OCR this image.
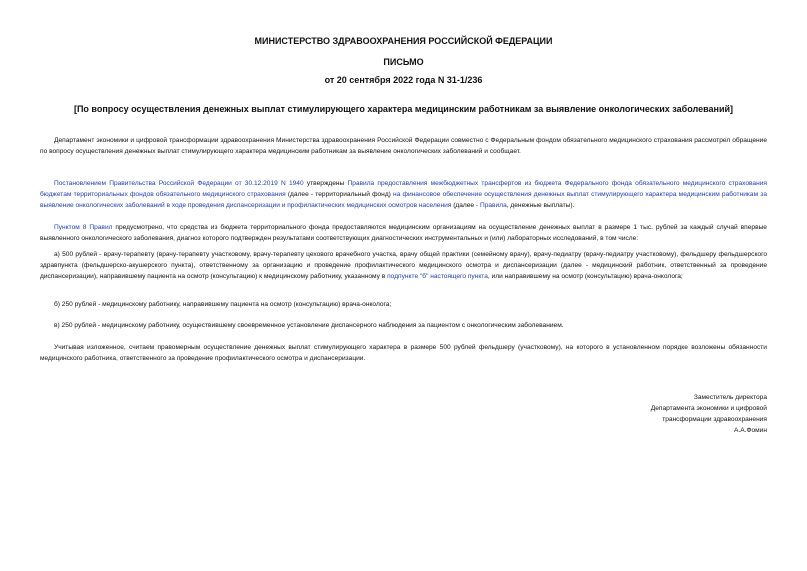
МИНИСТЕРСТВО ЗДРАВООХРАНЕНИЯ РОССИЙСКОЙ ФЕДЕРАЦИИ
ПИСЬМО
от 20 сентября 2022 года N 31-1/236
[По вопросу осуществления денежных выплат стимулирующего характера медицинским работникам за выявление онкологических заболеваний]

Департамент экономики и цифровой трансформации здравоохранения Министерства здравоохранения Российской Федерации совместно с Федеральным фондом обязательного медицинского страхования рассмотрел обращение по вопросу осуществления денежных выплат стимулирующего характера медицинским работникам за выявление онкологических заболеваний и сообщает.

Постановлением Правительства Российской Федерации от 30.12.2019 N 1940 утверждены Правила предоставления межбюджетных трансфертов из бюджета Федерального фонда обязательного медицинского страхования бюджетам территориальных фондов обязательного медицинского страхования (далее - территориальный фонд) на финансовое обеспечение осуществления денежных выплат стимулирующего характера медицинским работникам за выявление онкологических заболеваний в ходе проведения диспансеризации и профилактических медицинских осмотров населения (далее - Правила, денежные выплаты).

Пунктом 8 Правил предусмотрено, что средства из бюджета территориального фонда предоставляются медицинским организациям на осуществление денежных выплат в размере 1 тыс. рублей за каждый случай впервые выявленного онкологического заболевания, диагноз которого подтвержден результатами соответствующих диагностических инструментальных и (или) лабораторных исследований, в том числе:

а) 500 рублей - врачу-терапевту (врачу-терапевту участковому, врачу-терапевту цехового врачебного участка, врачу общей практики (семейному врачу), врачу-педиатру (врачу-педиатру участковому), фельдшеру фельдшерского здравпункта (фельдшерско-акушерского пункта), ответственному за организацию и проведение профилактического медицинского осмотра и диспансеризации (далее - медицинский работник, ответственный за проведение диспансеризации), направившему пациента на осмотр (консультацию) к медицинскому работнику, указанному в подпункте "б" настоящего пункта, или направившему на осмотр (консультацию) врача-онколога;

б) 250 рублей - медицинскому работнику, направившему пациента на осмотр (консультацию) врача-онколога;

в) 250 рублей - медицинскому работнику, осуществившему своевременное установление диспансерного наблюдения за пациентом с онкологическим заболеванием.

Учитывая изложенное, считаем правомерным осуществление денежных выплат стимулирующего характера в размере 500 рублей фельдшеру (участковому), на которого в установленном порядке возложены обязанности медицинского работника, ответственного за проведение профилактического осмотра и диспансеризации.

Заместитель директора
Департамента экономики и цифровой
трансформации здравоохранения
А.А.Фомин
